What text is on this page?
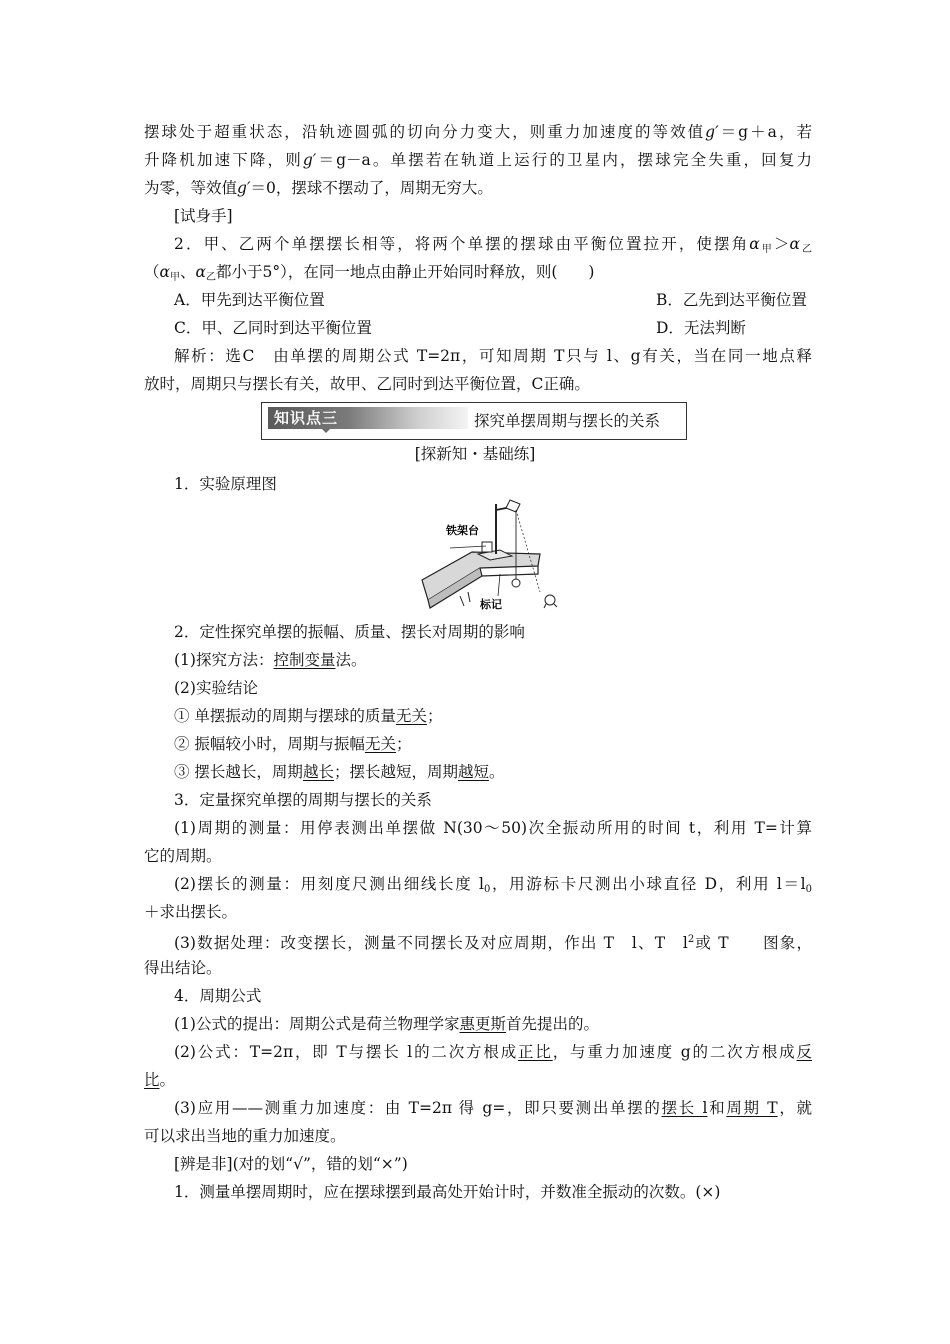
摆球处于超重状态，沿轨迹圆弧的切向分力变大，则重力加速度的等效值g′＝g＋a，若
升降机加速下降，则g′＝g－a。单摆若在轨道上运行的卫星内，摆球完全失重，回复力
为零，等效值g′＝0，摆球不摆动了，周期无穷大。
[试身手]
2．甲、乙两个单摆摆长相等，将两个单摆的摆球由平衡位置拉开，使摆角$\alpha_甲>\alpha_乙$
（$\alpha_甲$、$\alpha_乙$都小于5°），在同一地点由静止开始同时释放，则(　　)
A．甲先到达平衡位置	B．乙先到达平衡位置
C．甲、乙同时到达平衡位置	D．无法判断
解析：选C　由单摆的周期公式 T=2π，可知周期 T只与 l、g有关，当在同一地点释
放时，周期只与摆长有关，故甲、乙同时到达平衡位置，C正确。
知识点三	探究单摆周期与摆长的关系
[探新知・基础练]
1．实验原理图
铁架台
标记
2．定性探究单摆的振幅、质量、摆长对周期的影响
(1)探究方法：控制变量法。
(2)实验结论
① 单摆振动的周期与摆球的质量无关；
② 振幅较小时，周期与振幅无关；
③ 摆长越长，周期越长；摆长越短，周期越短。
3．定量探究单摆的周期与摆长的关系
(1)周期的测量：用停表测出单摆做 N(30～50)次全振动所用的时间 t，利用 T=计算
它的周期。
(2)摆长的测量：用刻度尺测出细线长度 $l_0$，用游标卡尺测出小球直径 D，利用 $l=l_0$
＋求出摆长。
(3)数据处理：改变摆长，测量不同摆长及对应周期，作出 T　l、T　$l^2$或 T　　图象，
得出结论。
4．周期公式
(1)公式的提出：周期公式是荷兰物理学家惠更斯首先提出的。
(2)公式：T=2π，即 T与摆长 l的二次方根成正比，与重力加速度 g的二次方根成反
比。
(3)应用——测重力加速度：由 T=2π 得 g=，即只要测出单摆的摆长 l和周期 T，就
可以求出当地的重力加速度。
[辨是非](对的划“√”，错的划“×”)
1．测量单摆周期时，应在摆球摆到最高处开始计时，并数准全振动的次数。(×)
